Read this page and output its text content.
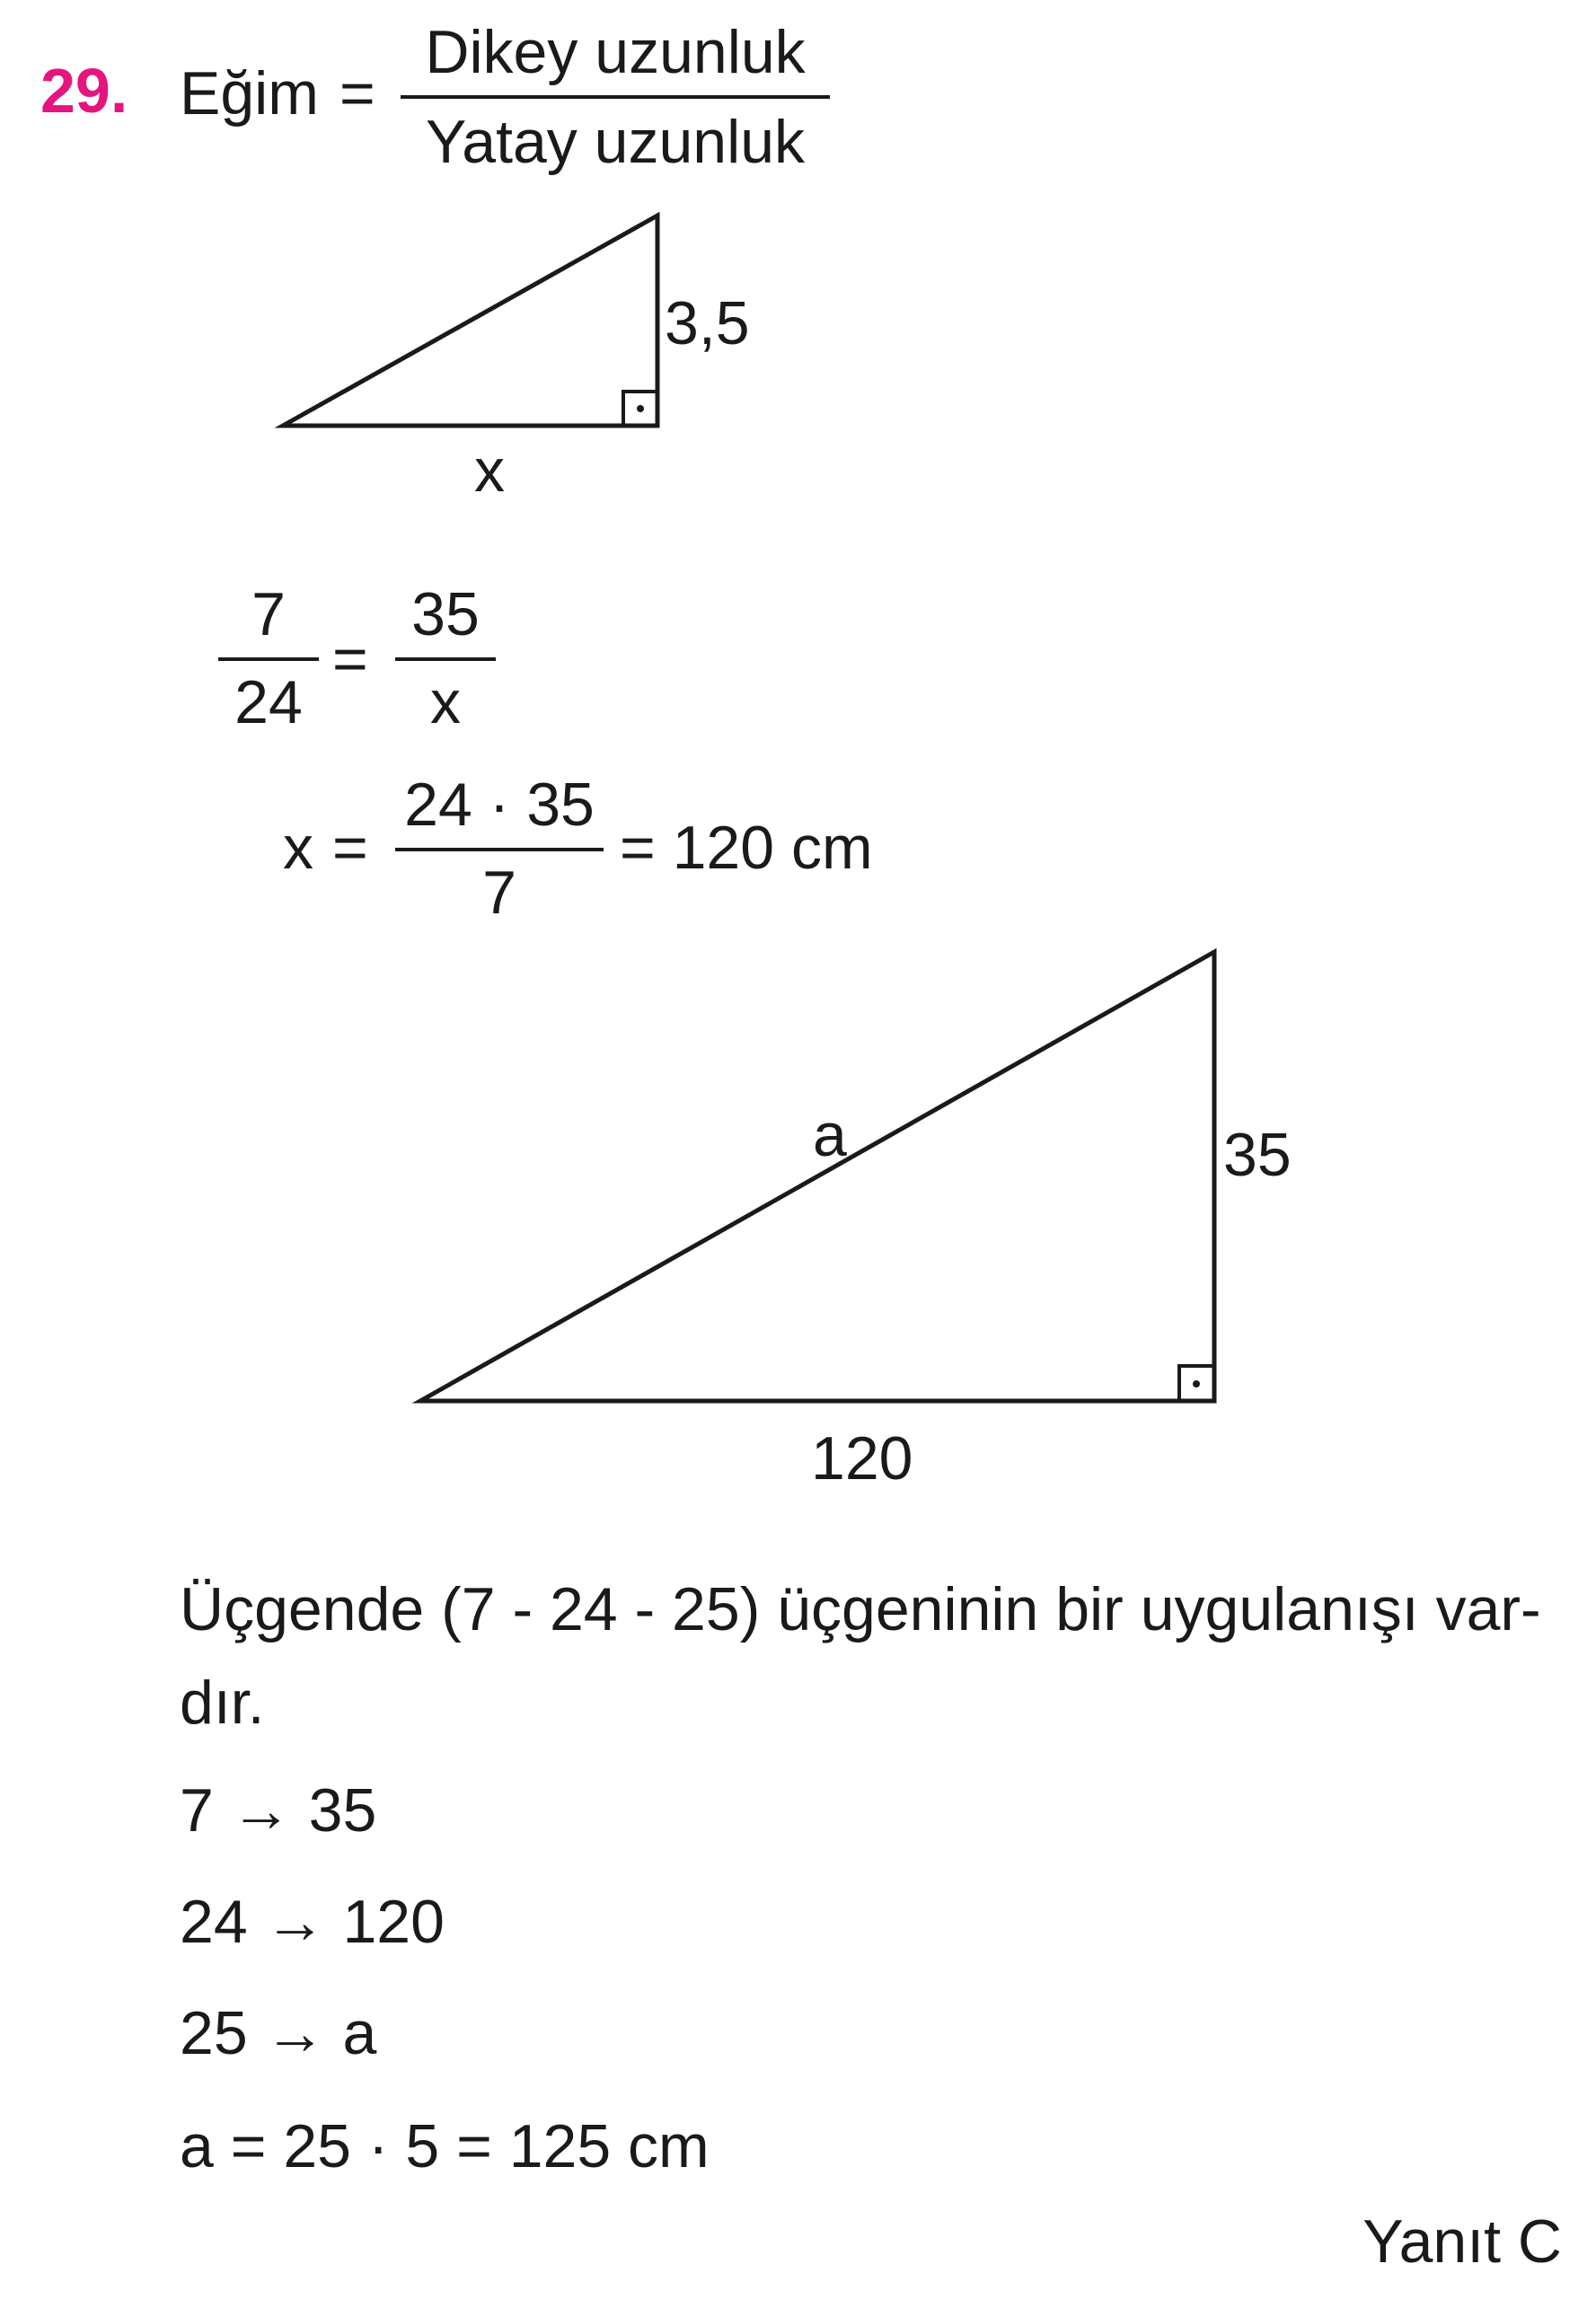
29. Eğim =
Dikey uzunluk
Yatay uzunluk
3,5
x
7
24
=
35
x
x =
24 · 35
7
= 120 cm
a	35
120
Üçgende (7 - 24 - 25) üçgeninin bir uygulanışı var-
dır.
7 → 35
24 → 120
25 → a
a = 25 · 5 = 125 cm
Yanıt C
